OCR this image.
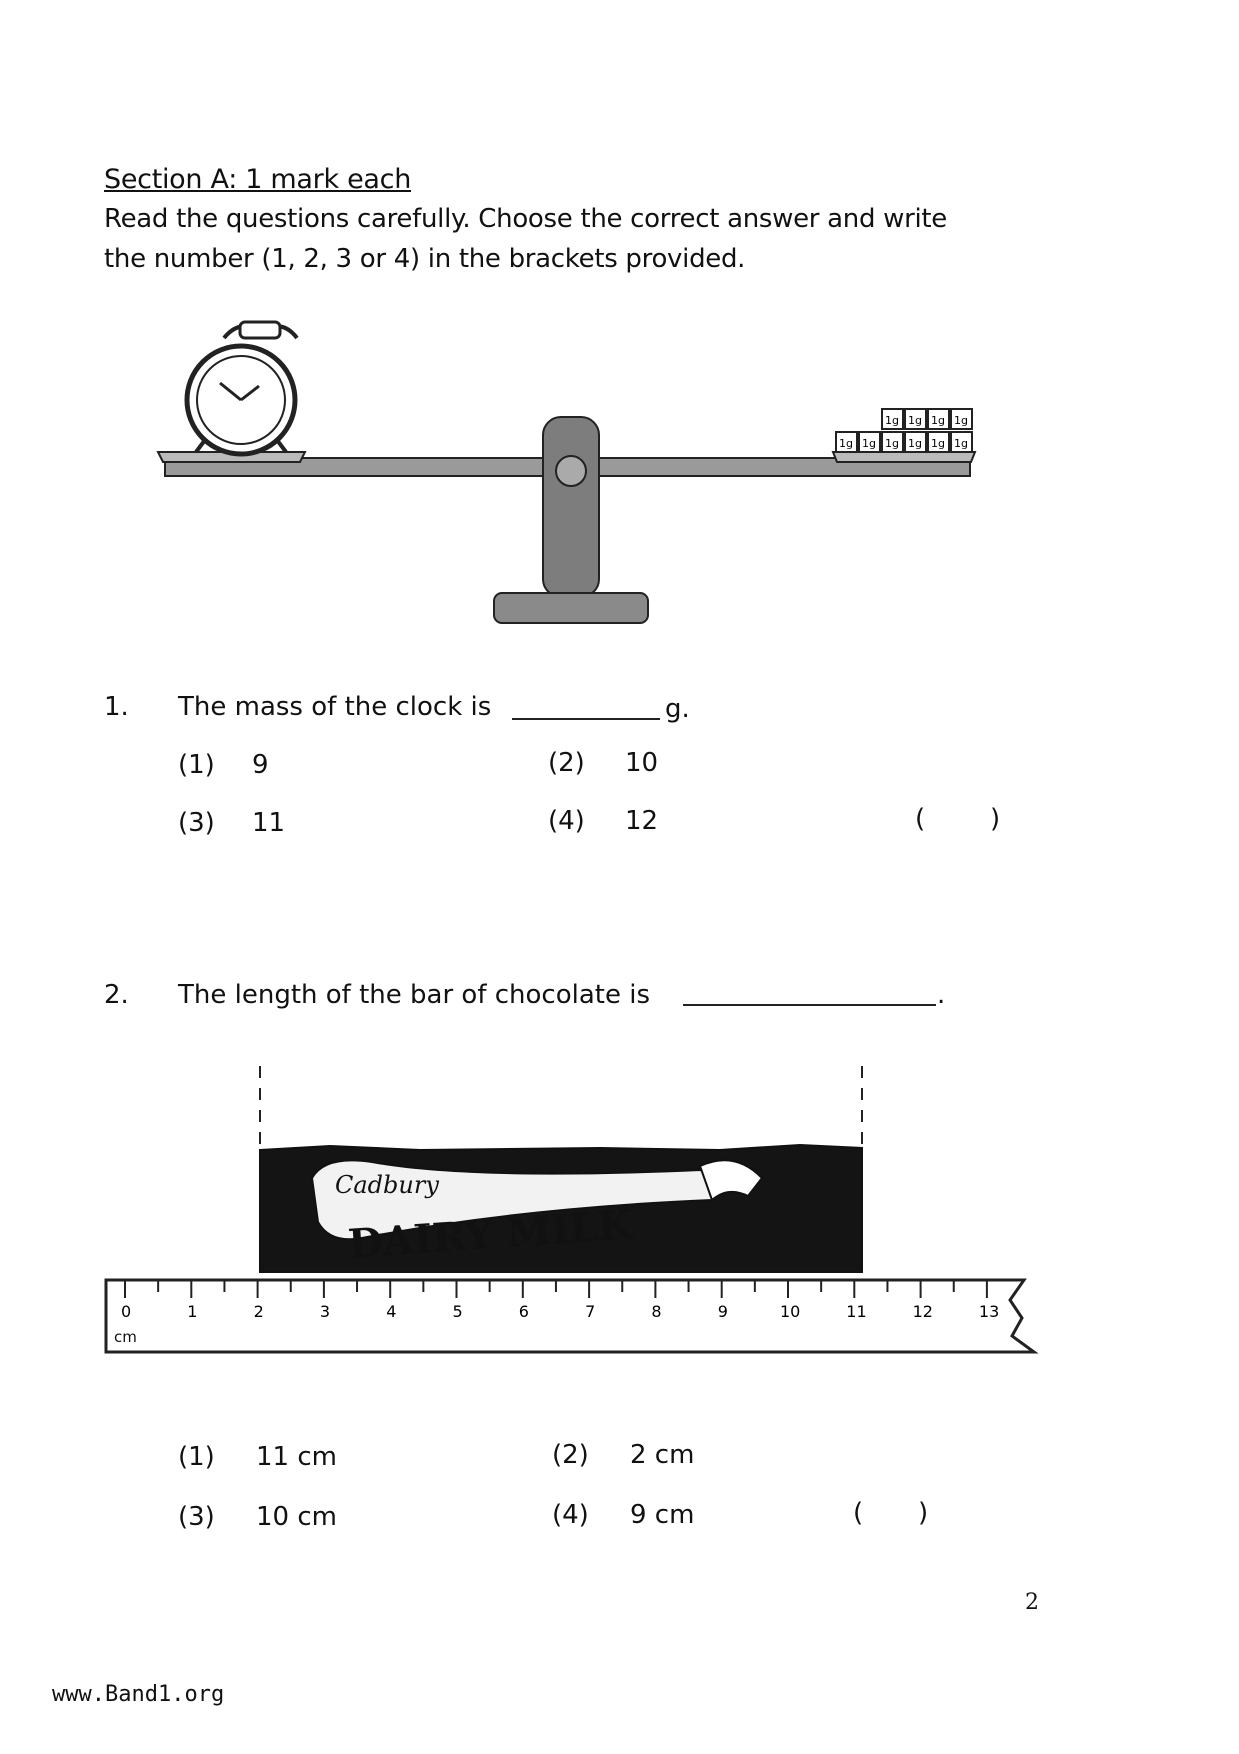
Section A: 1 mark each
Read the questions carefully. Choose the correct answer and write
the number (1, 2, 3 or 4) in the brackets provided.
1g 1g 1g 1g 1g 1g
1g 1g 1g 1g
1. The mass of the clock is	g.
(1) 9	(2) 10
(3) 11	(4) 12	( )
2. The length of the bar of chocolate is	.
Cadbury
DAIRY MILK
0	1	2	3	4	5	6	7	8	9	10	11	12	13
cm
(1) 11 cm	(2) 2 cm
(3) 10 cm	(4) 9 cm	( )
2
www.Band1.org
